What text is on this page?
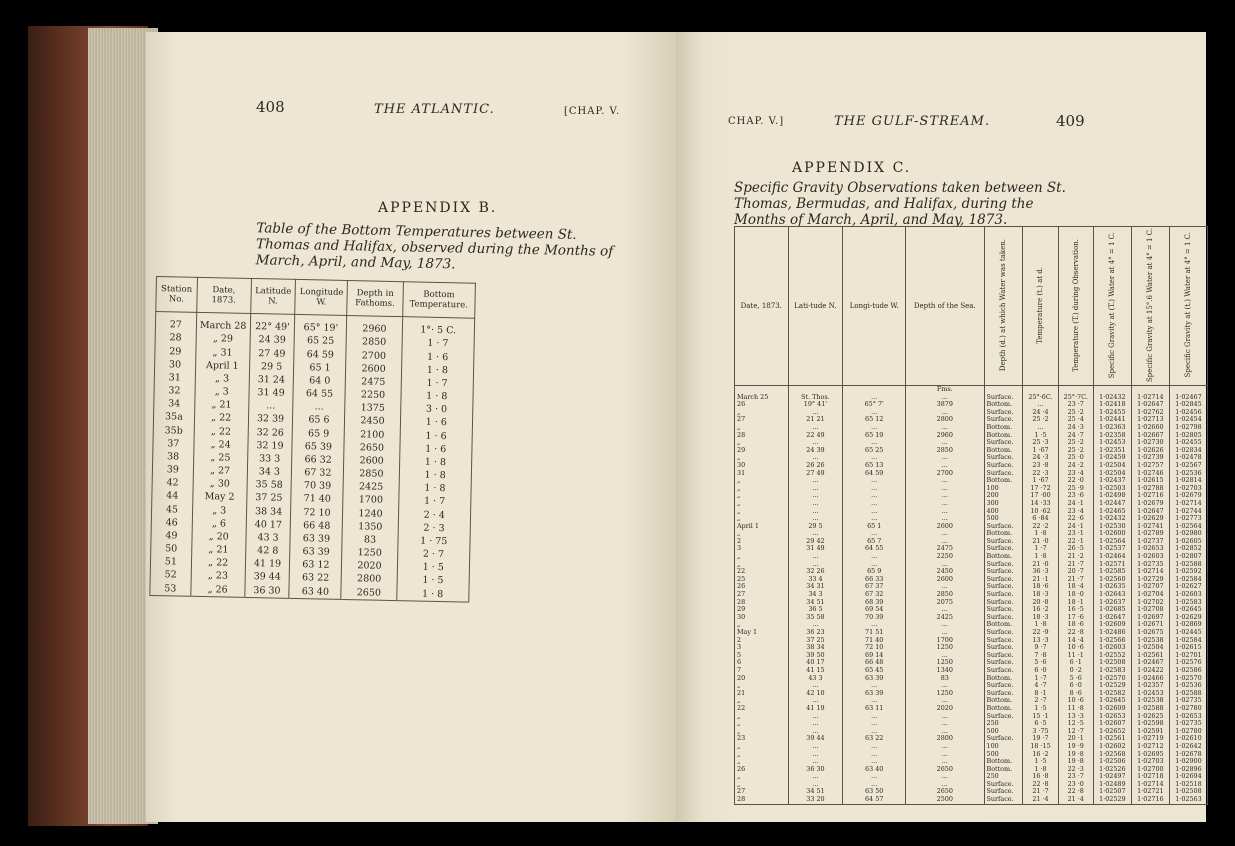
408	THE ATLANTIC.	[CHAP. V.
APPENDIX B.
Table of the Bottom Temperatures between St. Thomas and Halifax, observed during the Months of March, April, and May, 1873.
CHAP. V.]	THE GULF-STREAM.	409
APPENDIX C.
Specific Gravity Observations taken between St. Thomas, Bermudas, and Halifax, during the Months of March, April, and May, 1873.
Station No.	Date, 1873.	Latitude N.	Longitude W.	Depth in Fathoms.	Bottom Temperature.
27	March 28	22° 49'	65° 19'	2960	1°· 5 C.
28	„ 29	24 39	65 25	2850	1 · 7
29	„ 31	27 49	64 59	2700	1 · 6
30	April 1	29 5	65 1	2600	1 · 8
31	„ 3	31 24	64 0	2475	1 · 7
32	„ 3	31 49	64 55	2250	1 · 8
34	„ 21	...	...	1375	3 · 0
35a	„ 22	32 39	65 6	2450	1 · 6
35b	„ 22	32 26	65 9	2100	1 · 6
37	„ 24	32 19	65 39	2650	1 · 6
38	„ 25	33 3	66 32	2600	1 · 8
39	„ 27	34 3	67 32	2850	1 · 8
42	„ 30	35 58	70 39	2425	1 · 8
44	May 2	37 25	71 40	1700	1 · 7
45	„ 3	38 34	72 10	1240	2 · 4
46	„ 6	40 17	66 48	1350	2 · 3
49	„ 20	43 3	63 39	83	1 · 75
50	„ 21	42 8	63 39	1250	2 · 7
51	„ 22	41 19	63 12	2020	1 · 5
52	„ 23	39 44	63 22	2800	1 · 5
53	„ 26	36 30	63 40	2650	1 · 8
Date, 1873.	Lati-tude N.	Longi-tude W.	Depth of the Sea.	Depth (d.) at which Water was taken.	Temperature (t.) at d.	Temperature (T.) during Observation.	Specific Gravity at (T.) Water at 4° = 1 C.	Specific Gravity at 15°.6 Water at 4° = 1 C.	Specific Gravity at (t.) Water at 4° = 1 C.
			Fms.						
March 25	St. Thos.	...	...	Surface.	25°·6C.	25°·7C.	1·02432	1·02714	1·02467
26	19° 41'	65° 7'	3879	Bottom.	...	23 ·7	1·02418	1·02647	1·02845
„	...	...	...	Surface.	24 ·4	25 ·2	1·02455	1·02762	1·02456
27	21 21	65 12	2800	Surface.	25 ·2	25 ·4	1·02441	1·02713	1·02454
„	...	...	...	Bottom.	...	24 ·3	1·02363	1·02660	1·02798
28	22 49	65 19	2960	Bottom.	1 ·5	24 ·7	1·02358	1·02667	1·02805
„	...	...	...	Surface.	25 ·3	25 ·2	1·02453	1·02730	1·02455
29	24 39	65 25	2850	Bottom.	1 ·67	25 ·2	1·02351	1·02626	1·02834
„	...	...	...	Surface.	24 ·3	25 ·0	1·02459	1·02739	1·02478
30	26 26	65 13	...	Surface.	23 ·8	24 ·2	1·02504	1·02757	1·02567
31	27 49	64 59	2700	Surface.	22 ·3	23 ·4	1·02504	1·02746	1·02536
„	...	...	...	Bottom.	1 ·67	22 ·0	1·02437	1·02615	1·02814
„	...	...	...	100	17 ·72	25 ·9	1·02503	1·02788	1·02703
„	...	...	...	200	17 ·00	23 ·6	1·02498	1·02716	1·02679
„	...	...	...	300	14 ·33	24 ·1	1·02447	1·02679	1·02714
„	...	...	...	400	10 ·62	23 ·4	1·02465	1·02647	1·02744
„	...	...	...	500	6 ·84	22 ·6	1·02432	1·02629	1·02773
April 1	29 5	65 1	2600	Surface.	22 ·2	24 ·1	1·02530	1·02741	1·02564
„	...	...	...	Bottom.	1 ·8	23 ·1	1·02600	1·02789	1·02980
2	29 42	65 7	...	Surface.	21 ·0	22 ·1	1·02564	1·02737	1·02605
3	31 49	64 55	2475	Surface.	1 ·7	26 ·5	1·02537	1·02653	1·02852
„	...	...	2250	Bottom.	1 ·8	21 ·2	1·02464	1·02603	1·02807
„	...	...	...	Surface.	21 ·0	21 ·7	1·02571	1·02735	1·02588
22	32 26	65 9	2450	Surface.	36 ·3	20 ·7	1·02585	1·02714	1·02592
25	33 4	66 33	2600	Surface.	21 ·1	21 ·7	1·02560	1·02729	1·02584
26	34 31	67 37	...	Surface.	18 ·6	18 ·4	1·02635	1·02707	1·02627
27	34 3	67 32	2850	Surface.	18 ·3	18 ·0	1·02643	1·02704	1·02603
28	34 51	68 39	2075	Surface.	20 ·8	18 ·1	1·02637	1·02702	1·02583
29	36 5	69 54	...	Surface.	16 ·2	16 ·5	1·02685	1·02708	1·02645
30	35 58	70 39	2425	Surface.	18 ·3	17 ·6	1·02647	1·02697	1·02629
„	...	...	...	Bottom.	1 ·8	18 ·6	1·02609	1·02671	1·02869
May 1	36 23	71 51	...	Surface.	22 ·9	22 ·8	1·02486	1·02675	1·02445
2	37 25	71 40	1700	Surface.	13 ·3	14 ·4	1·02566	1·02538	1·02584
3	38 34	72 10	1250	Surface.	9 ·7	10 ·6	1·02603	1·02504	1·02615
5	39 50	69 14	...	Surface.	7 ·8	11 ·1	1·02552	1·02561	1·02701
6	40 17	66 48	1250	Surface.	5 ·6	6 ·1	1·02508	1·02467	1·02576
7	41 15	65 45	1340	Surface.	6 ·0	0 ·2	1·02583	1·02422	1·02586
20	43 3	63 39	83	Bottom.	1 ·7	5 ·6	1·02570	1·02466	1·02570
„	...	...	...	Surface.	4 ·7	6 ·0	1·02529	1·02357	1·02536
21	42 10	63 39	1250	Surface.	8 ·1	8 ·6	1·02582	1·02453	1·02588
„	...	...	...	Bottom.	2 ·7	10 ·6	1·02645	1·02538	1·02735
22	41 19	63 11	2020	Bottom.	1 ·5	11 ·8	1·02609	1·02588	1·02780
„	...	...	...	Surface.	15 ·1	13 ·3	1·02653	1·02625	1·02653
„	...	...	...	250	6 ·5	12 ·5	1·02607	1·02598	1·02735
„	...	...	...	500	3 ·75	12 ·7	1·02652	1·02591	1·02780
23	39 44	63 22	2800	Surface.	19 ·7	20 ·1	1·02561	1·02719	1·02610
„	...	...	...	100	18 ·15	19 ·9	1·02602	1·02712	1·02642
„	...	...	...	500	16 ·2	19 ·8	1·02568	1·02695	1·02678
„	...	...	...	Bottom.	1 ·5	19 ·8	1·02506	1·02703	1·02900
26	36 30	63 40	2650	Bottom.	1 ·8	22 ·3	1·02526	1·02700	1·02896
„	...	...	...	250	16 ·8	23 ·7	1·02497	1·02718	1·02694
„	...	...	...	Surface.	22 ·8	23 ·0	1·02489	1·02714	1·02518
27	34 51	63 50	2650	Surface.	21 ·7	22 ·8	1·02507	1·02721	1·02508
28	33 20	64 57	2500	Surface.	21 ·4	21 ·4	1·02529	1·02716	1·02563
